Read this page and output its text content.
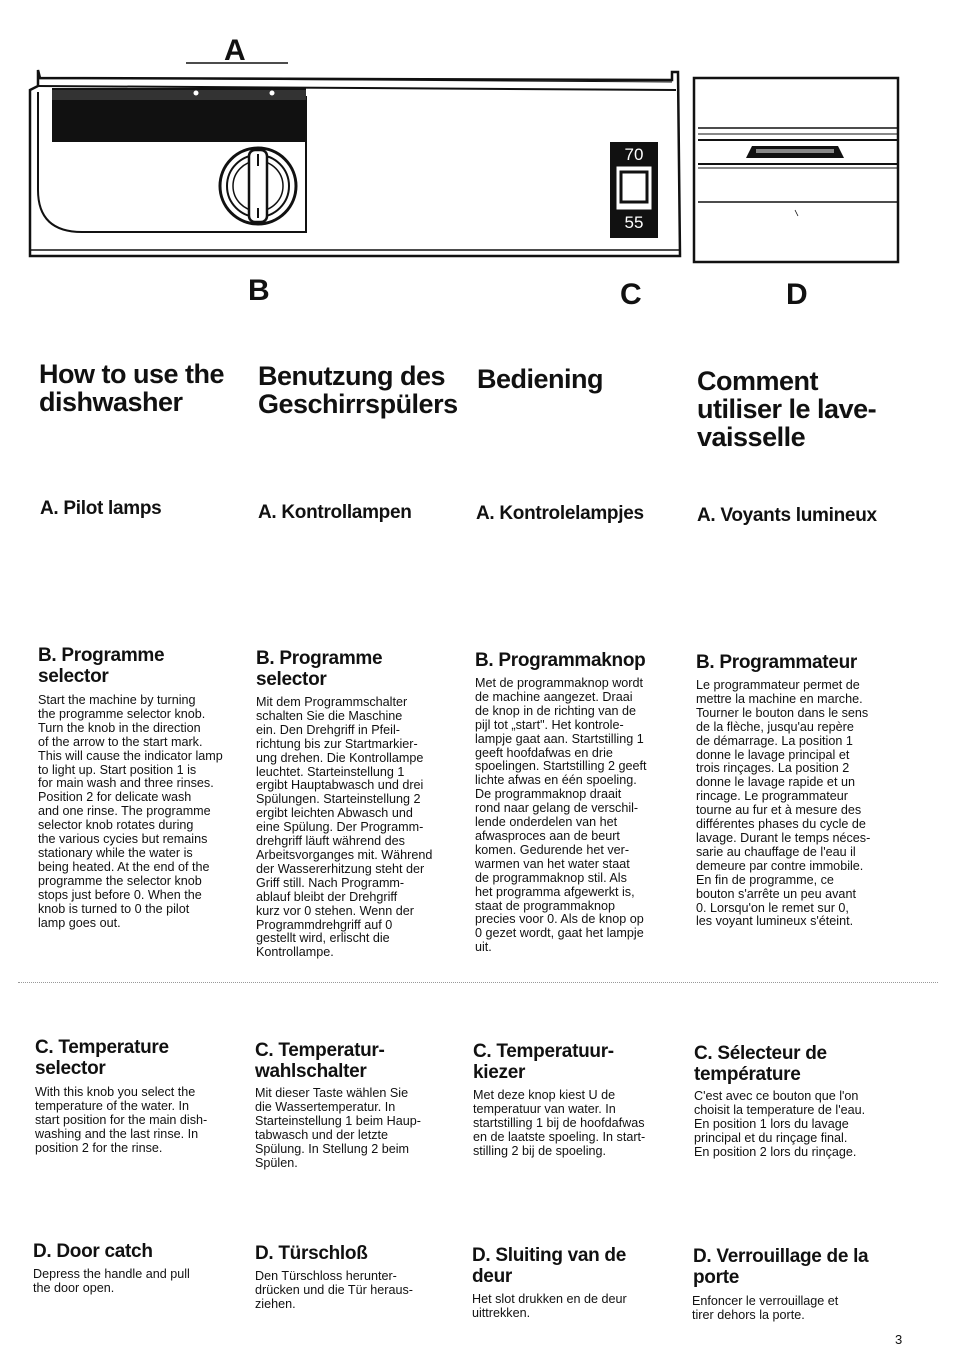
70
55
A
B	C	D
How to use the
dishwasher
A. Pilot lamps
B. Programme
selector
Start the machine by turning
the programme selector knob.
Turn the knob in the direction
of the arrow to the start mark.
This will cause the indicator lamp
to light up. Start position 1 is
for main wash and three rinses.
Position 2 for delicate wash
and one rinse. The programme
selector knob rotates during
the various cycies but remains
stationary while the water is
being heated. At the end of the
programme the selector knob
stops just before 0. When the
knob is turned to 0 the pilot
lamp goes out.
C. Temperature
selector
With this knob you select the
temperature of the water. In
start position for the main dish-
washing and the last rinse. In
position 2 for the rinse.
D. Door catch
Depress the handle and pull
the door open.
Benutzung des
Geschirrspülers
A. Kontrollampen
B. Programme
selector
Mit dem Programmschalter
schalten Sie die Maschine
ein. Den Drehgriff in Pfeil-
richtung bis zur Startmarkier-
ung drehen. Die Kontrollampe
leuchtet. Starteinstellung 1
ergibt Hauptabwasch und drei
Spülungen. Starteinstellung 2
ergibt leichten Abwasch und
eine Spülung. Der Programm-
drehgriff läuft während des
Arbeitsvorganges mit. Während
der Wassererhitzung steht der
Griff still. Nach Programm-
ablauf bleibt der Drehgriff
kurz vor 0 stehen. Wenn der
Programmdrehgriff auf 0
gestellt wird, erlischt die
Kontrollampe.
C. Temperatur-
wahlschalter
Mit dieser Taste wählen Sie
die Wassertemperatur. In
Starteinstellung 1 beim Haup-
tabwasch und der letzte
Spülung. In Stellung 2 beim
Spülen.
D. Türschloß
Den Türschloss herunter-
drücken und die Tür heraus-
ziehen.
Bediening
A. Kontrolelampjes
B. Programmaknop
Met de programmaknop wordt
de machine aangezet. Draai
de knop in de richting van de
pijl tot „start". Het kontrole-
lampje gaat aan. Startstilling 1
geeft hoofdafwas en drie
spoelingen. Startstilling 2 geeft
lichte afwas en één spoeling.
De programmaknop draait
rond naar gelang de verschil-
lende onderdelen van het
afwasproces aan de beurt
komen. Gedurende het ver-
warmen van het water staat
de programmaknop stil. Als
het programma afgewerkt is,
staat de programmaknop
precies voor 0. Als de knop op
0 gezet wordt, gaat het lampje
uit.
C. Temperatuur-
kiezer
Met deze knop kiest U de
temperatuur van water. In
startstilling 1 bij de hoofdafwas
en de laatste spoeling. In start-
stilling 2 bij de spoeling.
D. Sluiting van de
deur
Het slot drukken en de deur
uittrekken.
Comment
utiliser le lave-
vaisselle
A. Voyants lumineux
B. Programmateur
Le programmateur permet de
mettre la machine en marche.
Tourner le bouton dans le sens
de la flèche, jusqu'au repère
de démarrage. La position 1
donne le lavage principal et
trois rinçages. La position 2
donne le lavage rapide et un
rincage. Le programmateur
tourne au fur et à mesure des
différentes phases du cycle de
lavage. Durant le temps néces-
sarie au chauffage de l'eau il
demeure par contre immobile.
En fin de programme, ce
bouton s'arrête un peu avant
0. Lorsqu'on le remet sur 0,
les voyant lumineux s'éteint.
C. Sélecteur de
température
C'est avec ce bouton que l'on
choisit la temperature de l'eau.
En position 1 lors du lavage
principal et du rinçage final.
En position 2 lors du rinçage.
D. Verrouillage de la
porte
Enfoncer le verrouillage et
tirer dehors la porte.
3
